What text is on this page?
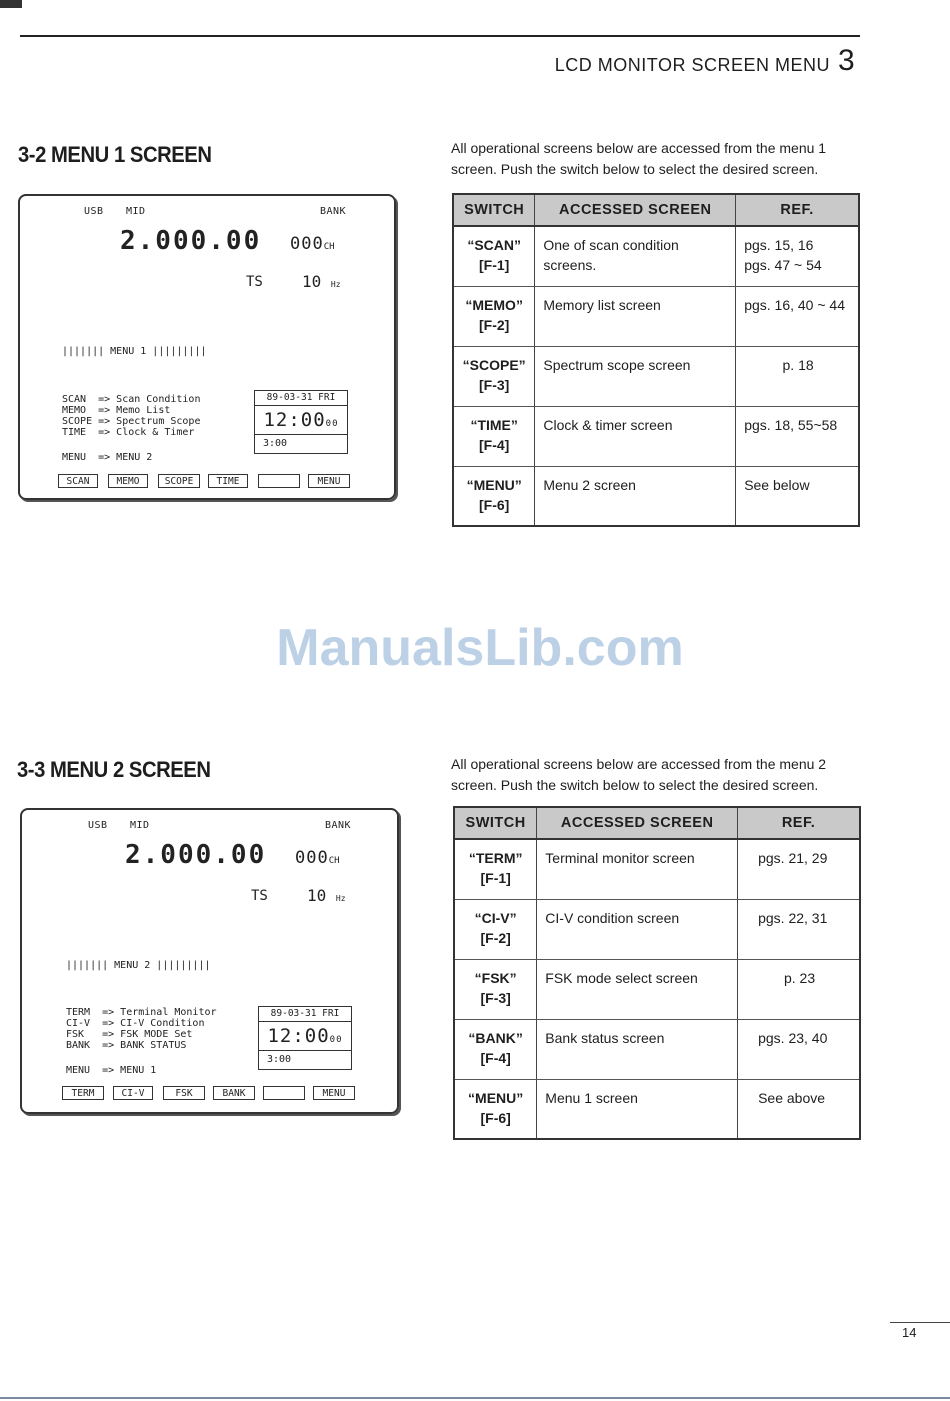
LCD MONITOR SCREEN MENU 3
3-2 MENU 1 SCREEN
USB MID	BANK
2.000.00 000CH
TS 10 Hz
||||||| MENU 1 |||||||||
SCAN  => Scan Condition
MEMO  => Memo List
SCOPE => Spectrum Scope
TIME  => Clock & Timer
MENU  => MENU 2
89-03-31 FRI
12:0000
3:00
SCAN	MEMO	SCOPE	TIME	MENU
All operational screens below are accessed from the menu 1 screen. Push the switch below to select the desired screen.
SWITCH	ACCESSED SCREEN	REF.

“SCAN”
[F-1]	One of scan condition screens.	pgs. 15, 16
pgs. 47 ~ 54

“MEMO”
[F-2]	Memory list screen	pgs. 16, 40 ~ 44

“SCOPE”
[F-3]	Spectrum scope screen	p. 18

“TIME”
[F-4]	Clock & timer screen	pgs. 18, 55~58

“MENU”
[F-6]	Menu 2 screen	See below
ManualsLib.com
3-3 MENU 2 SCREEN
USB MID	BANK
2.000.00 000CH
TS 10 Hz
||||||| MENU 2 |||||||||
TERM  => Terminal Monitor
CI-V  => CI-V Condition
FSK   => FSK MODE Set
BANK  => BANK STATUS
MENU  => MENU 1
89-03-31 FRI
12:0000
3:00
TERM	CI-V	FSK	BANK	MENU
All operational screens below are accessed from the menu 2 screen. Push the switch below to select the desired screen.
SWITCH	ACCESSED SCREEN	REF.

“TERM”
[F-1]	Terminal monitor screen	pgs. 21, 29

“CI-V”
[F-2]	CI-V condition screen	pgs. 22, 31

“FSK”
[F-3]	FSK mode select screen	p. 23

“BANK”
[F-4]	Bank status screen	pgs. 23, 40

“MENU”
[F-6]	Menu 1 screen	See above
14
